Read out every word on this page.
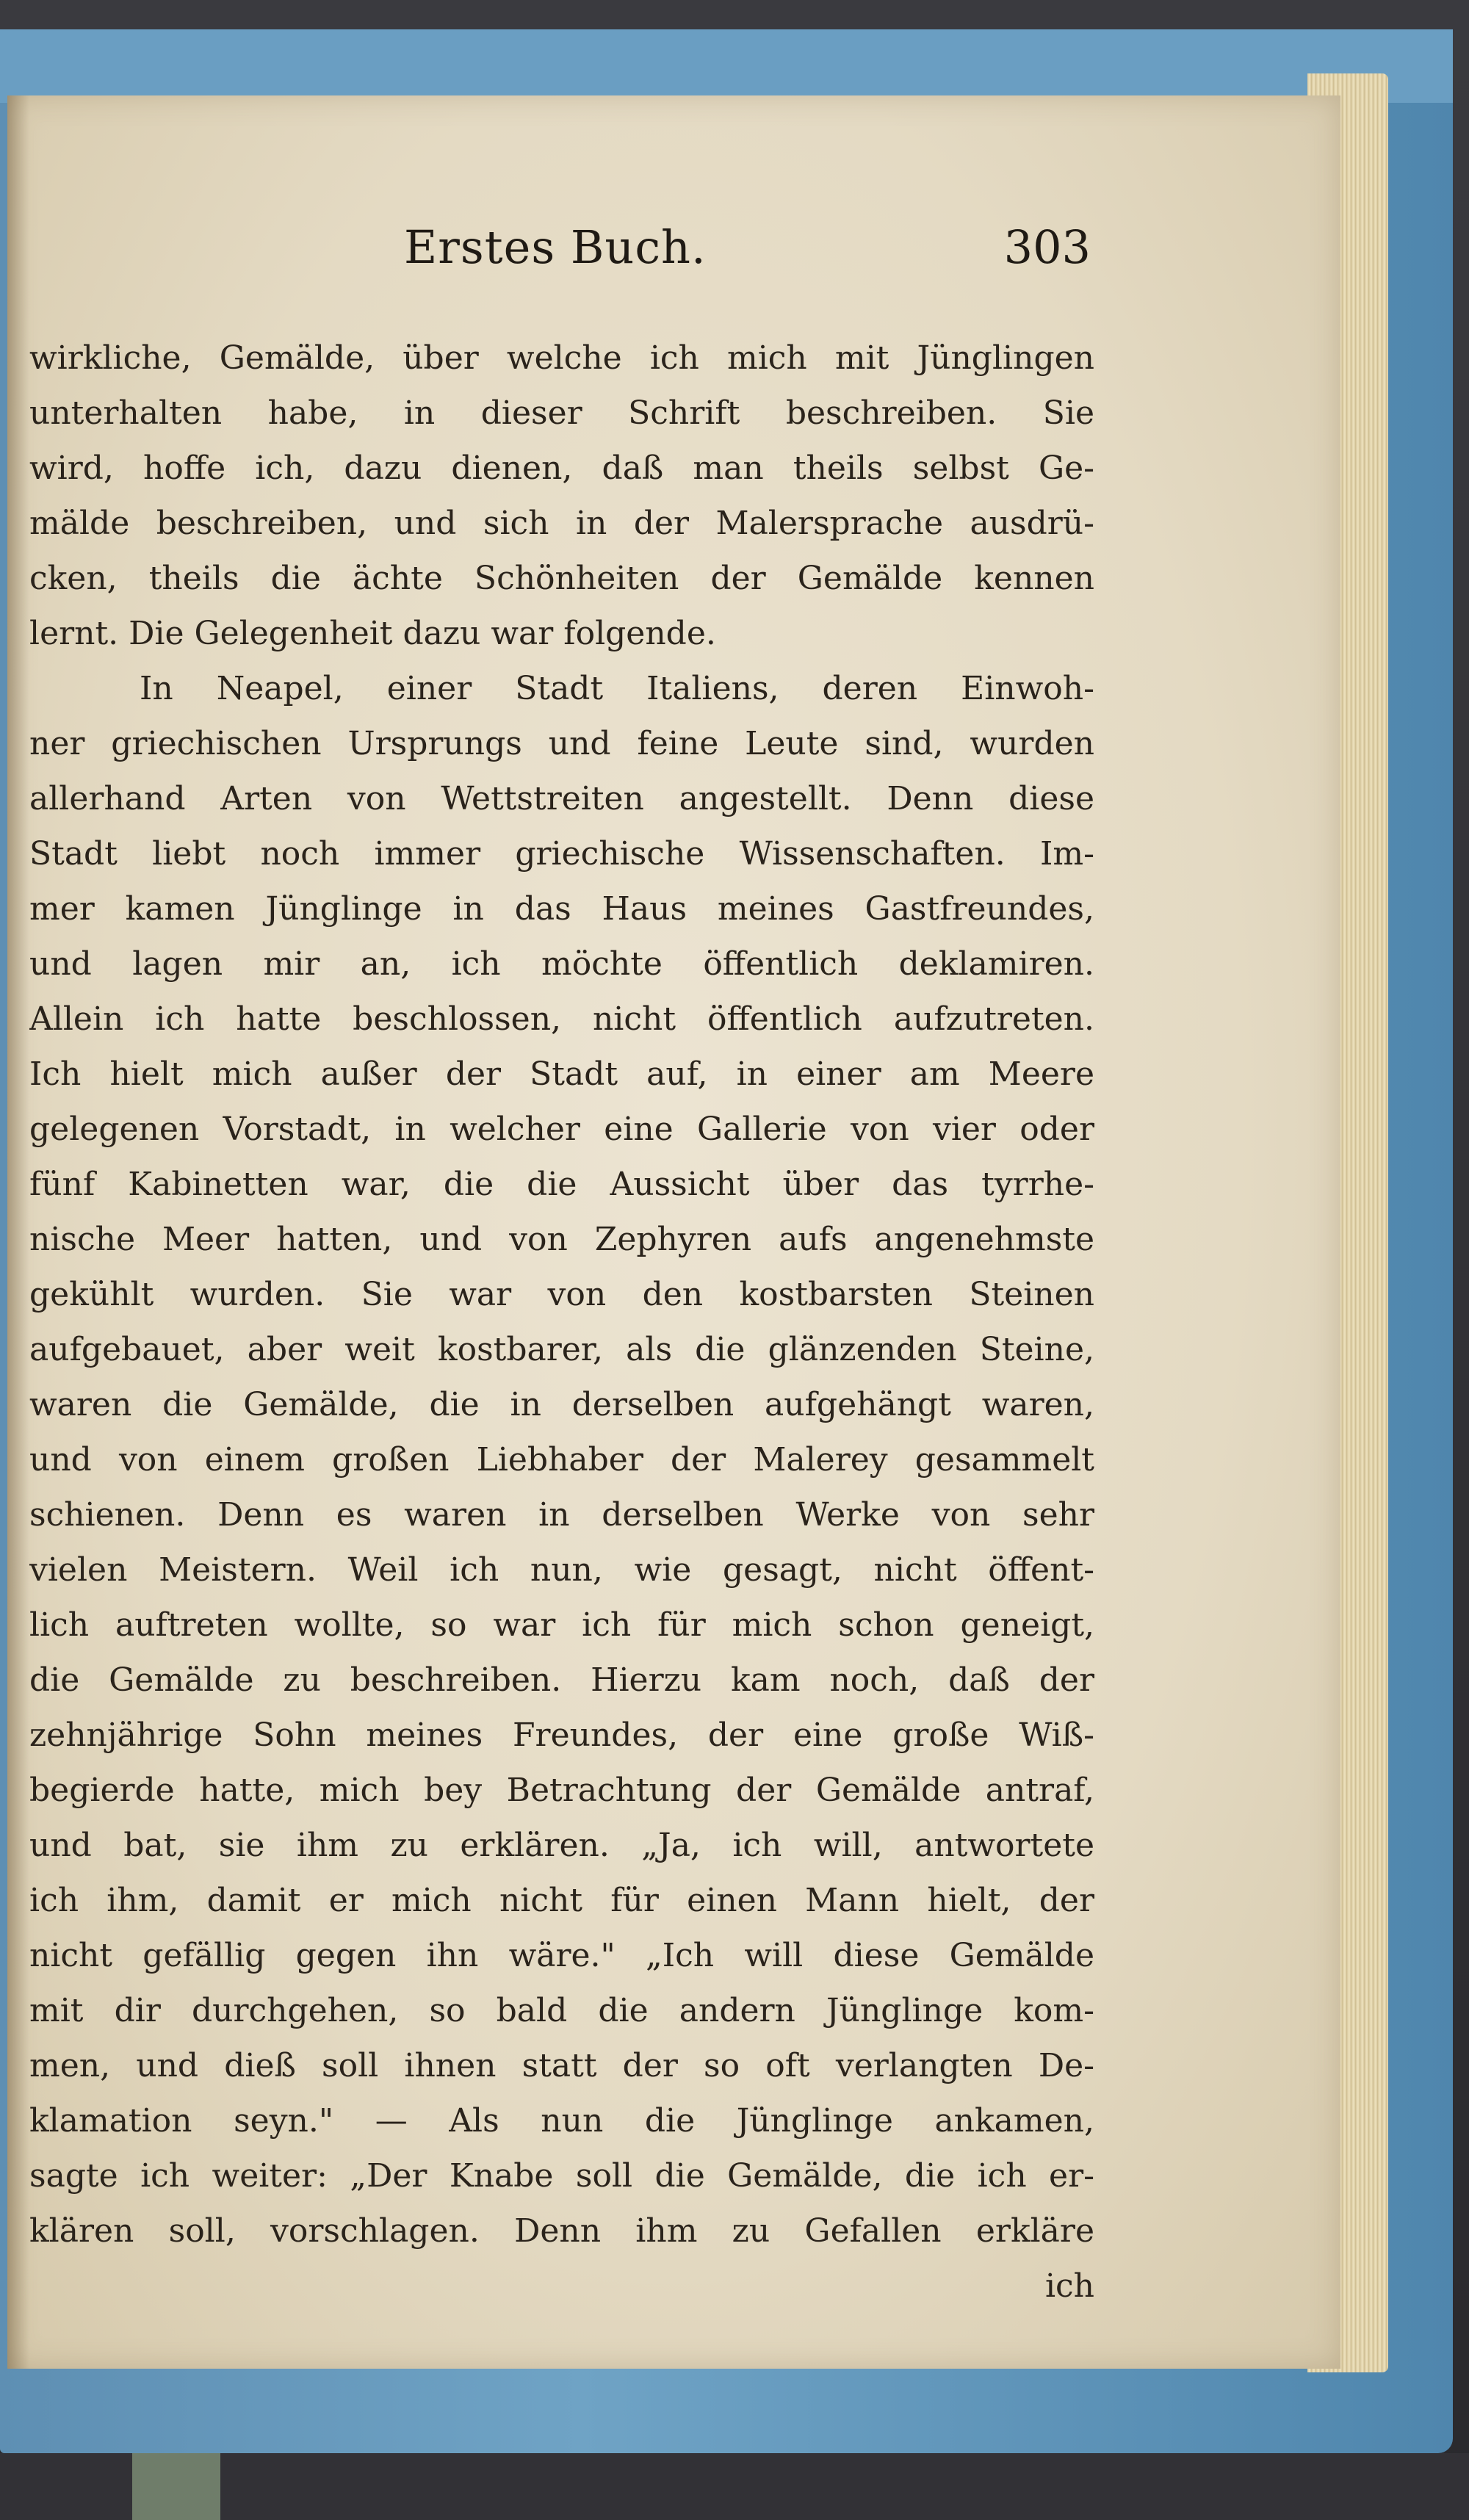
Erstes Buch.	303
wirkliche, Gemälde, über welche ich mich mit Jünglingen
unterhalten habe, in dieser Schrift beschreiben. Sie
wird, hoffe ich, dazu dienen, daß man theils selbst Ge-
mälde beschreiben, und sich in der Malersprache ausdrü-
cken, theils die ächte Schönheiten der Gemälde kennen
lernt. Die Gelegenheit dazu war folgende.
In Neapel, einer Stadt Italiens, deren Einwoh-
ner griechischen Ursprungs und feine Leute sind, wurden
allerhand Arten von Wettstreiten angestellt. Denn diese
Stadt liebt noch immer griechische Wissenschaften. Im-
mer kamen Jünglinge in das Haus meines Gastfreundes,
und lagen mir an, ich möchte öffentlich deklamiren.
Allein ich hatte beschlossen, nicht öffentlich aufzutreten.
Ich hielt mich außer der Stadt auf, in einer am Meere
gelegenen Vorstadt, in welcher eine Gallerie von vier oder
fünf Kabinetten war, die die Aussicht über das tyrrhe-
nische Meer hatten, und von Zephyren aufs angenehmste
gekühlt wurden. Sie war von den kostbarsten Steinen
aufgebauet, aber weit kostbarer, als die glänzenden Steine,
waren die Gemälde, die in derselben aufgehängt waren,
und von einem großen Liebhaber der Malerey gesammelt
schienen. Denn es waren in derselben Werke von sehr
vielen Meistern. Weil ich nun, wie gesagt, nicht öffent-
lich auftreten wollte, so war ich für mich schon geneigt,
die Gemälde zu beschreiben. Hierzu kam noch, daß der
zehnjährige Sohn meines Freundes, der eine große Wiß-
begierde hatte, mich bey Betrachtung der Gemälde antraf,
und bat, sie ihm zu erklären. „Ja, ich will, antwortete
ich ihm, damit er mich nicht für einen Mann hielt, der
nicht gefällig gegen ihn wäre." „Ich will diese Gemälde
mit dir durchgehen, so bald die andern Jünglinge kom-
men, und dieß soll ihnen statt der so oft verlangten De-
klamation seyn." — Als nun die Jünglinge ankamen,
sagte ich weiter: „Der Knabe soll die Gemälde, die ich er-
klären soll, vorschlagen. Denn ihm zu Gefallen erkläre
ich
